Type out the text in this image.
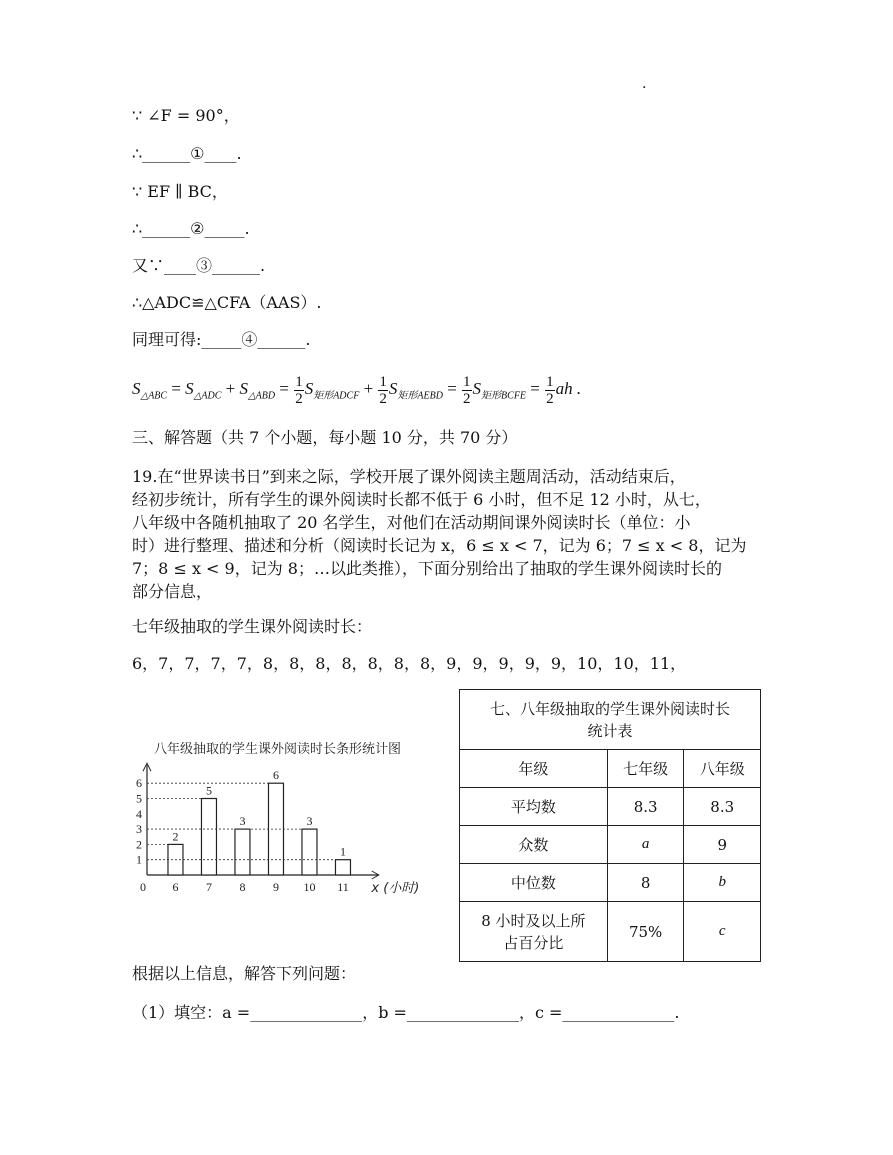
.
∵ ∠F = 90°，
∴______①____.
∵ EF ∥ BC，
∴______②_____.
又∵____③______.
∴△ADC≌△CFA（AAS）.
同理可得:_____④______.
$S_{\triangle ABC} = S_{\triangle ADC} + S_{\triangle ABD} = \frac{1}{2} S_{矩形ADCF} + \frac{1}{2} S_{矩形AEBD} = \frac{1}{2} S_{矩形BCFE} = \frac{1}{2}$ ah .
三、解答题（共 7 个小题，每小题 10 分，共 70 分）
19.在“世界读书日”到来之际，学校开展了课外阅读主题周活动，活动结束后，
经初步统计，所有学生的课外阅读时长都不低于 6 小时，但不足 12 小时，从七，
八年级中各随机抽取了 20 名学生，对他们在活动期间课外阅读时长（单位：小
时）进行整理、描述和分析（阅读时长记为 x，6 ≤ x < 7，记为 6；7 ≤ x < 8，记为
7；8 ≤ x < 9，记为 8；…以此类推），下面分别给出了抽取的学生课外阅读时长的
部分信息，
七年级抽取的学生课外阅读时长：
6，7，7，7，7，8，8，8，8，8，8，8，9，9，9，9，9，10，10，11，
八年级抽取的学生课外阅读时长条形统计图
1
2
3
4
5
6
0
2
6
5
7
3
8
6
9
3
10
1
11 x (小时)
七、八年级抽取的学生课外阅读时长
统计表		

年级	七年级	八年级
平均数	8.3	8.3
众数	a	9
中位数	8	b

8 小时及以上所
占百分比	75%	c
根据以上信息，解答下列问题：
（1）填空：a =______________，b =______________，c =______________.
